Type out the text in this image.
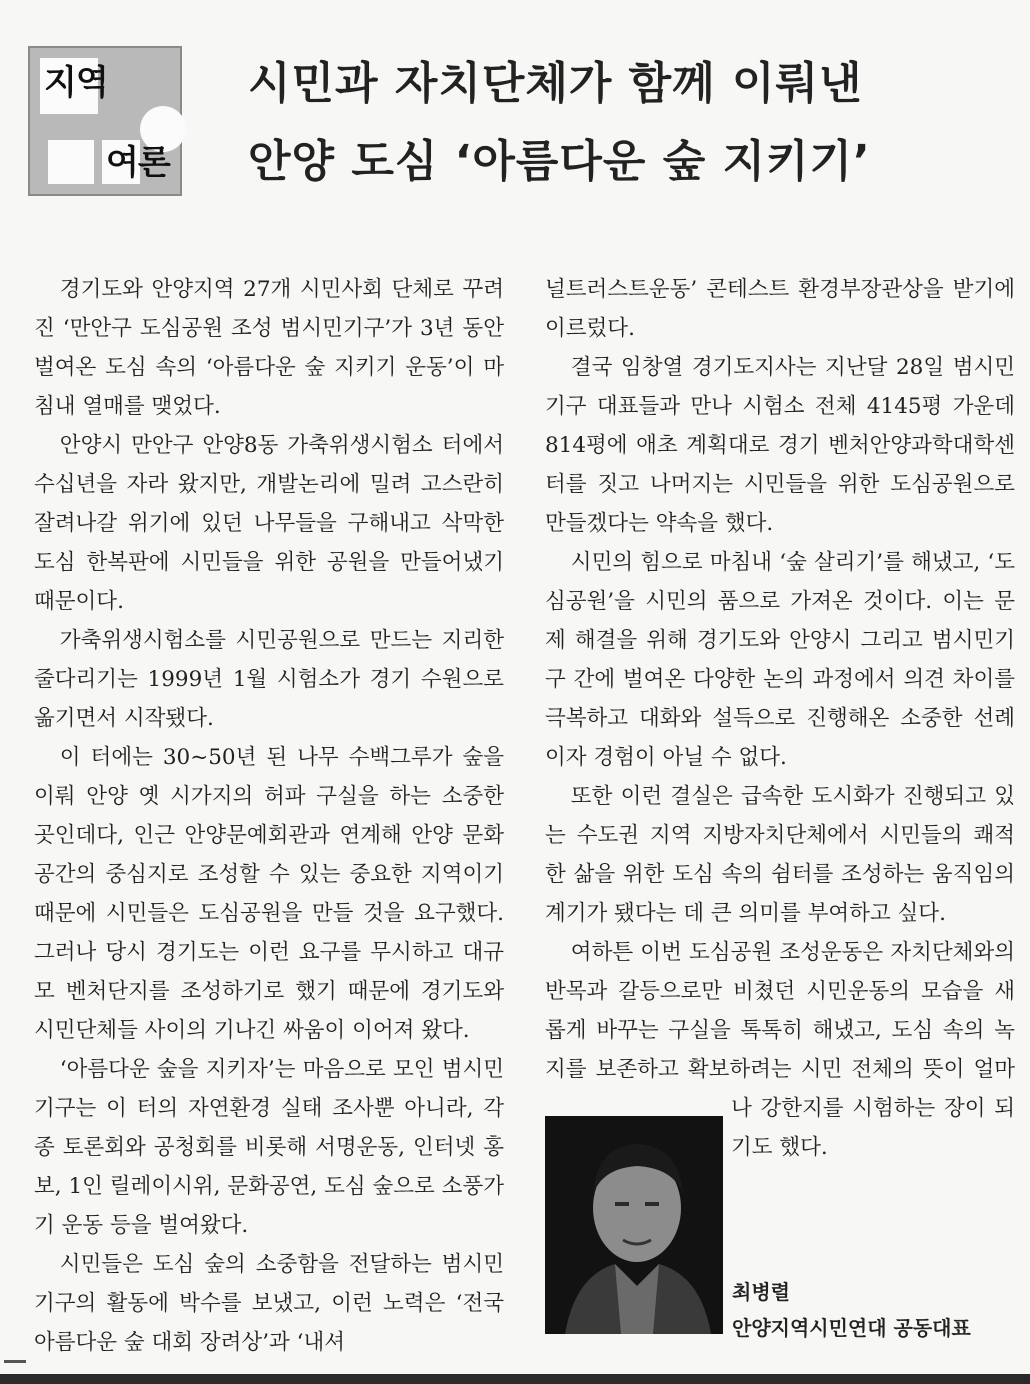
지역
여론
시민과 자치단체가 함께 이뤄낸
안양 도심 ‘아름다운 숲 지키기’

경기도와 안양지역 27개 시민사회 단체로 꾸려진 ‘만안구 도심공원 조성 범시민기구’가 3년 동안 벌여온 도심 속의 ‘아름다운 숲 지키기 운동’이 마침내 열매를 맺었다.

안양시 만안구 안양8동 가축위생시험소 터에서 수십년을 자라 왔지만, 개발논리에 밀려 고스란히 잘려나갈 위기에 있던 나무들을 구해내고 삭막한 도심 한복판에 시민들을 위한 공원을 만들어냈기 때문이다.

가축위생시험소를 시민공원으로 만드는 지리한 줄다리기는 1999년 1월 시험소가 경기 수원으로 옮기면서 시작됐다.

이 터에는 30~50년 된 나무 수백그루가 숲을 이뤄 안양 옛 시가지의 허파 구실을 하는 소중한 곳인데다, 인근 안양문예회관과 연계해 안양 문화공간의 중심지로 조성할 수 있는 중요한 지역이기 때문에 시민들은 도심공원을 만들 것을 요구했다. 그러나 당시 경기도는 이런 요구를 무시하고 대규모 벤처단지를 조성하기로 했기 때문에 경기도와 시민단체들 사이의 기나긴 싸움이 이어져 왔다.

‘아름다운 숲을 지키자’는 마음으로 모인 범시민기구는 이 터의 자연환경 실태 조사뿐 아니라, 각종 토론회와 공청회를 비롯해 서명운동, 인터넷 홍보, 1인 릴레이시위, 문화공연, 도심 숲으로 소풍가기 운동 등을 벌여왔다.

시민들은 도심 숲의 소중함을 전달하는 범시민기구의 활동에 박수를 보냈고, 이런 노력은 ‘전국 아름다운 숲 대회 장려상’과 ‘내셔

널트러스트운동’ 콘테스트 환경부장관상을 받기에 이르렀다.

결국 임창열 경기도지사는 지난달 28일 범시민기구 대표들과 만나 시험소 전체 4145평 가운데 814평에 애초 계획대로 경기 벤처안양과학대학센터를 짓고 나머지는 시민들을 위한 도심공원으로 만들겠다는 약속을 했다.

시민의 힘으로 마침내 ‘숲 살리기’를 해냈고, ‘도심공원’을 시민의 품으로 가져온 것이다. 이는 문제 해결을 위해 경기도와 안양시 그리고 범시민기구 간에 벌여온 다양한 논의 과정에서 의견 차이를 극복하고 대화와 설득으로 진행해온 소중한 선례이자 경험이 아닐 수 없다.

또한 이런 결실은 급속한 도시화가 진행되고 있는 수도권 지역 지방자치단체에서 시민들의 쾌적한 삶을 위한 도심 속의 쉼터를 조성하는 움직임의 계기가 됐다는 데 큰 의미를 부여하고 싶다.

여하튼 이번 도심공원 조성운동은 자치단체와의 반목과 갈등으로만 비쳤던 시민운동의 모습을 새롭게 바꾸는 구실을 톡톡히 해냈고, 도심 속의 녹지를 보존하고 확보하려는 시민 전체의 뜻이 얼마나 강한지를 시험하는 장이 되기도 했다.

최병렬
안양지역시민연대 공동대표
